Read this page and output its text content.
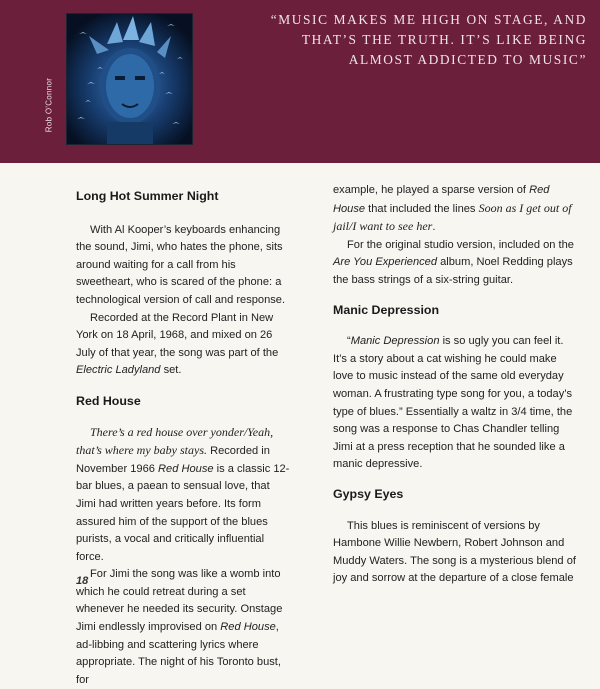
Rob O'Connor

“MUSIC MAKES ME HIGH ON STAGE, AND

THAT’S THE TRUTH. IT’S LIKE BEING

ALMOST ADDICTED TO MUSIC”

Long Hot Summer Night

With Al Kooper’s keyboards enhancing the sound, Jimi, who hates the phone, sits around waiting for a call from his sweetheart, who is scared of the phone: a technological version of call and response.

Recorded at the Record Plant in New York on 18 April, 1968, and mixed on 26 July of that year, the song was part of the Electric Ladyland set.

Red House

There’s a red house over yonder/Yeah, that’s where my baby stays. Recorded in November 1966 Red House is a classic 12-bar blues, a paean to sensual love, that Jimi had written years before. Its form assured him of the support of the blues purists, a vocal and critically influential force.

For Jimi the song was like a womb into which he could retreat during a set whenever he needed its security. Onstage Jimi endlessly improvised on Red House, ad-libbing and scattering lyrics where appropriate. The night of his Toronto bust, for

example, he played a sparse version of Red House that included the lines Soon as I get out of jail/I want to see her.

For the original studio version, included on the Are You Experienced album, Noel Redding plays the bass strings of a six-string guitar.

Manic Depression

“Manic Depression is so ugly you can feel it. It’s a story about a cat wishing he could make love to music instead of the same old everyday woman. A frustrating type song for you, a today’s type of blues.” Essentially a waltz in 3/4 time, the song was a response to Chas Chandler telling Jimi at a press reception that he sounded like a manic depressive.

Gypsy Eyes

This blues is reminiscent of versions by Hambone Willie Newbern, Robert Johnson and Muddy Waters. The song is a mysterious blend of joy and sorrow at the departure of a close female

18
